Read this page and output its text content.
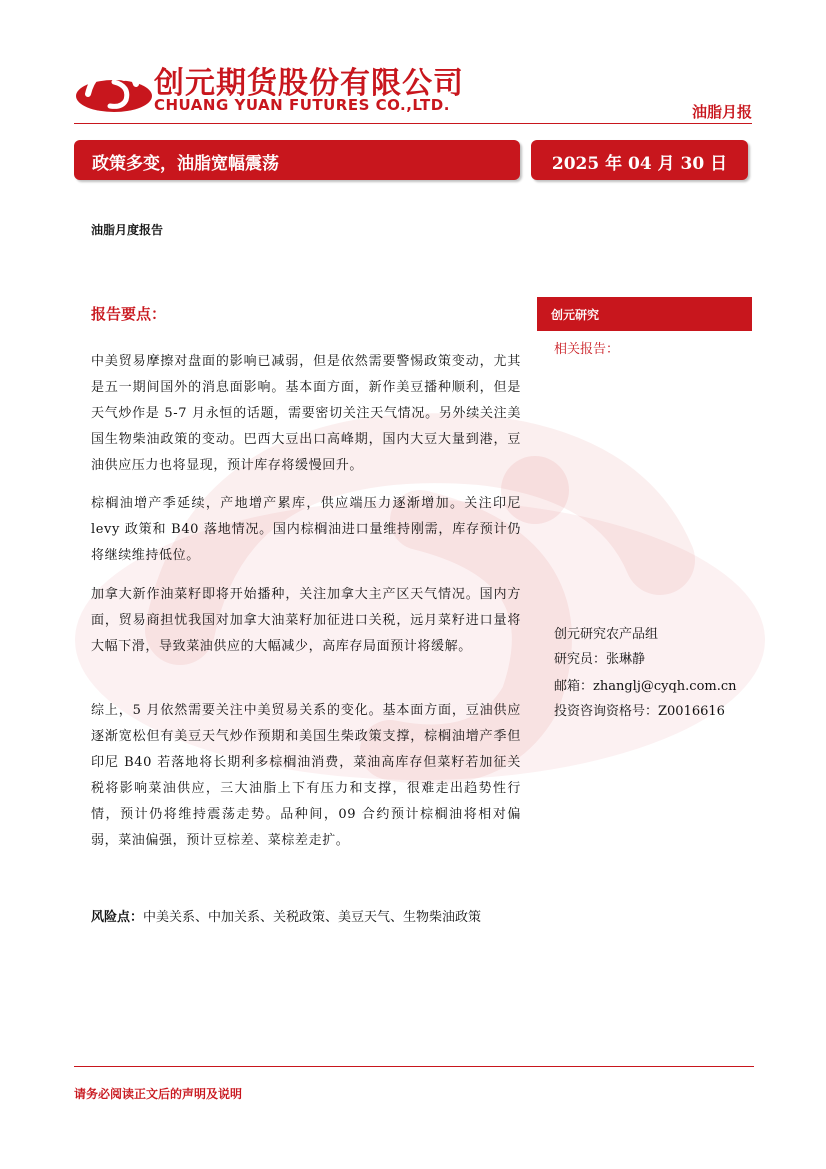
创元期货股份有限公司
CHUANG YUAN FUTURES CO.,LTD.	油脂月报
政策多变，油脂宽幅震荡	2025 年 04 月 30 日
油脂月度报告
报告要点：

中美贸易摩擦对盘面的影响已减弱，但是依然需要警惕政策变动，尤其是五一期间国外的消息面影响。基本面方面，新作美豆播种顺利，但是天气炒作是 5-7 月永恒的话题，需要密切关注天气情况。另外续关注美国生物柴油政策的变动。巴西大豆出口高峰期，国内大豆大量到港，豆油供应压力也将显现，预计库存将缓慢回升。

棕榈油增产季延续，产地增产累库，供应端压力逐渐增加。关注印尼 levy 政策和 B40 落地情况。国内棕榈油进口量维持刚需，库存预计仍将继续维持低位。

加拿大新作油菜籽即将开始播种，关注加拿大主产区天气情况。国内方面，贸易商担忧我国对加拿大油菜籽加征进口关税，远月菜籽进口量将大幅下滑，导致菜油供应的大幅减少，高库存局面预计将缓解。

综上，5 月依然需要关注中美贸易关系的变化。基本面方面，豆油供应逐渐宽松但有美豆天气炒作预期和美国生柴政策支撑，棕榈油增产季但印尼 B40 若落地将长期利多棕榈油消费，菜油高库存但菜籽若加征关税将影响菜油供应，三大油脂上下有压力和支撑，很难走出趋势性行情，预计仍将维持震荡走势。品种间，09 合约预计棕榈油将相对偏弱，菜油偏强，预计豆棕差、菜棕差走扩。

风险点：中美关系、中加关系、关税政策、美豆天气、生物柴油政策
创元研究
相关报告：
创元研究农产品组
研究员：张琳静
邮箱：zhanglj@cyqh.com.cn
投资咨询资格号：Z0016616
请务必阅读正文后的声明及说明
